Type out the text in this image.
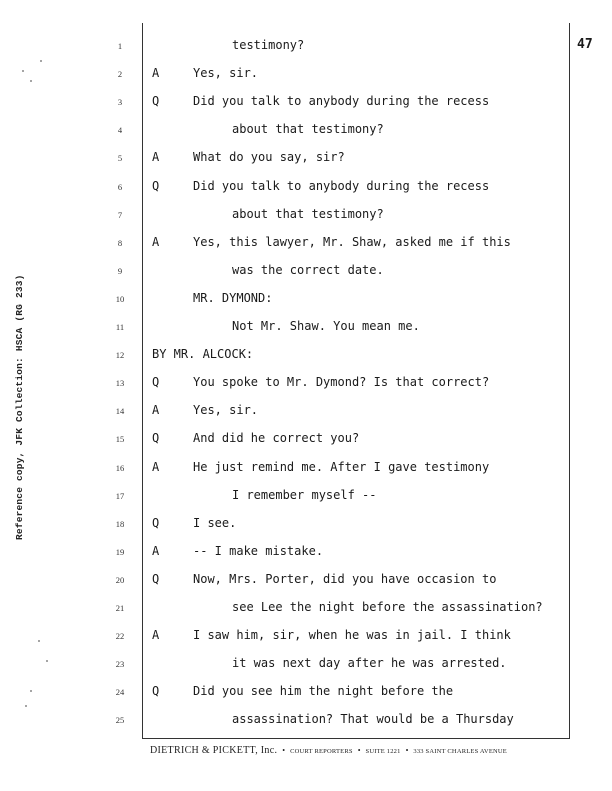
Reference copy, JFK Collection: HSCA (RG 233)
47
1	testimony?
2	A	Yes, sir.
3	Q	Did you talk to anybody during the recess
4	about that testimony?
5	A	What do you say, sir?
6	Q	Did you talk to anybody during the recess
7	about that testimony?
8	A	Yes, this lawyer, Mr. Shaw, asked me if this
9	was the correct date.
10	MR. DYMOND:
11	Not Mr. Shaw. You mean me.
12	BY MR. ALCOCK:
13	Q	You spoke to Mr. Dymond? Is that correct?
14	A	Yes, sir.
15	Q	And did he correct you?
16	A	He just remind me. After I gave testimony
17	I remember myself --
18	Q	I see.
19	A	-- I make mistake.
20	Q	Now, Mrs. Porter, did you have occasion to
21	see Lee the night before the assassination?
22	A	I saw him, sir, when he was in jail. I think
23	it was next day after he was arrested.
24	Q	Did you see him the night before the
25	assassination? That would be a Thursday
DIETRICH & PICKETT, Inc. • COURT REPORTERS • SUITE 1221 • 333 SAINT CHARLES AVENUE
